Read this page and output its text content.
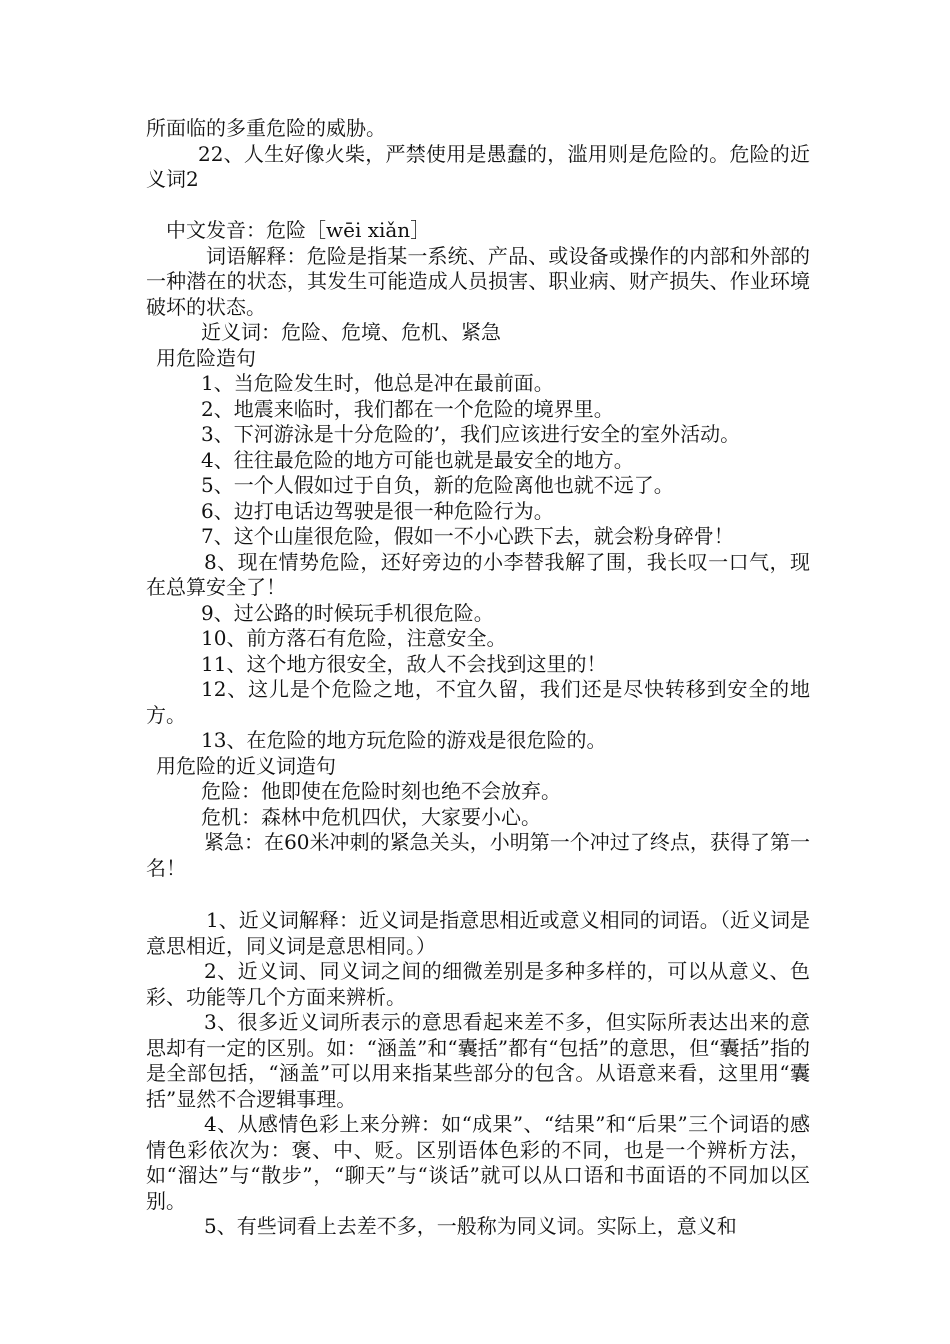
所面临的多重危险的威胁。

22、人生好像火柴，严禁使用是愚蠢的，滥用则是危险的。危险的近义词2

中文发音：危险［wēi xiǎn］

词语解释：危险是指某一系统、产品、或设备或操作的内部和外部的一种潜在的状态，其发生可能造成人员损害、职业病、财产损失、作业环境破坏的状态。

近义词：危险、危境、危机、紧急

用危险造句

1、当危险发生时，他总是冲在最前面。

2、地震来临时，我们都在一个危险的境界里。

3、下河游泳是十分危险的’，我们应该进行安全的室外活动。

4、往往最危险的地方可能也就是最安全的地方。

5、一个人假如过于自负，新的危险离他也就不远了。

6、边打电话边驾驶是很一种危险行为。

7、这个山崖很危险，假如一不小心跌下去，就会粉身碎骨！

8、现在情势危险，还好旁边的小李替我解了围，我长叹一口气，现在总算安全了！

9、过公路的时候玩手机很危险。

10、前方落石有危险，注意安全。

11、这个地方很安全，敌人不会找到这里的！

12、这儿是个危险之地，不宜久留，我们还是尽快转移到安全的地方。

13、在危险的地方玩危险的游戏是很危险的。

用危险的近义词造句

危险：他即使在危险时刻也绝不会放弃。

危机：森林中危机四伏，大家要小心。

紧急：在60米冲刺的紧急关头，小明第一个冲过了终点，获得了第一名！

1、近义词解释：近义词是指意思相近或意义相同的词语。（近义词是意思相近，同义词是意思相同。）

2、近义词、同义词之间的细微差别是多种多样的，可以从意义、色彩、功能等几个方面来辨析。

3、很多近义词所表示的意思看起来差不多，但实际所表达出来的意思却有一定的区别。如：“涵盖”和“囊括”都有“包括”的意思，但“囊括”指的是全部包括，“涵盖”可以用来指某些部分的包含。从语意来看，这里用“囊括”显然不合逻辑事理。

4、从感情色彩上来分辨：如“成果”、“结果”和“后果”三个词语的感情色彩依次为：褒、中、贬。区别语体色彩的不同，也是一个辨析方法，如“溜达”与“散步”，“聊天”与“谈话”就可以从口语和书面语的不同加以区别。

5、有些词看上去差不多，一般称为同义词。实际上，意义和
